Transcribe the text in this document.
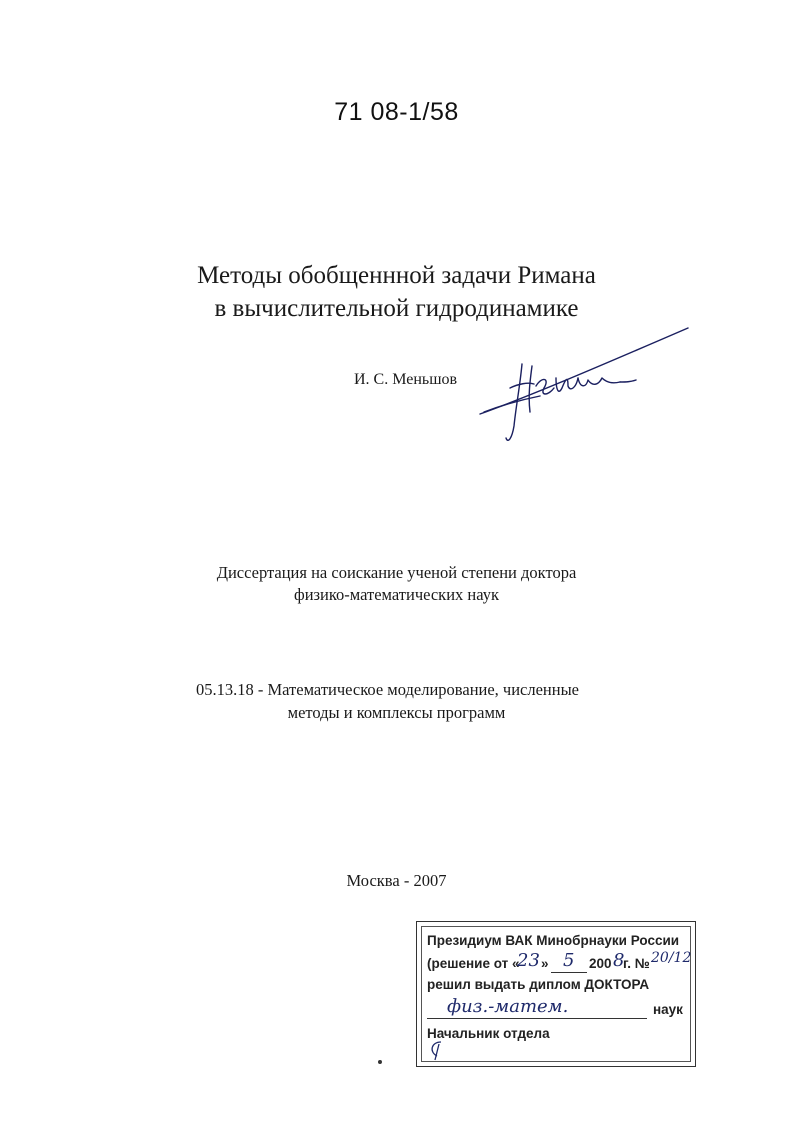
71 08-1/58
Методы обобщеннной задачи Римана
в вычислительной гидродинамике
И. С. Меньшов
Диссертация на соискание ученой степени доктора
физико-математических наук
05.13.18 - Математическое моделирование, численные
методы и комплексы программ
Москва - 2007
Президиум ВАК Минобрнауки России
(решение от «
23 » 5 200 8
г. № 20/12
решил выдать диплом ДОКТОРА
физ.-матем.	наук
Начальник отдела
